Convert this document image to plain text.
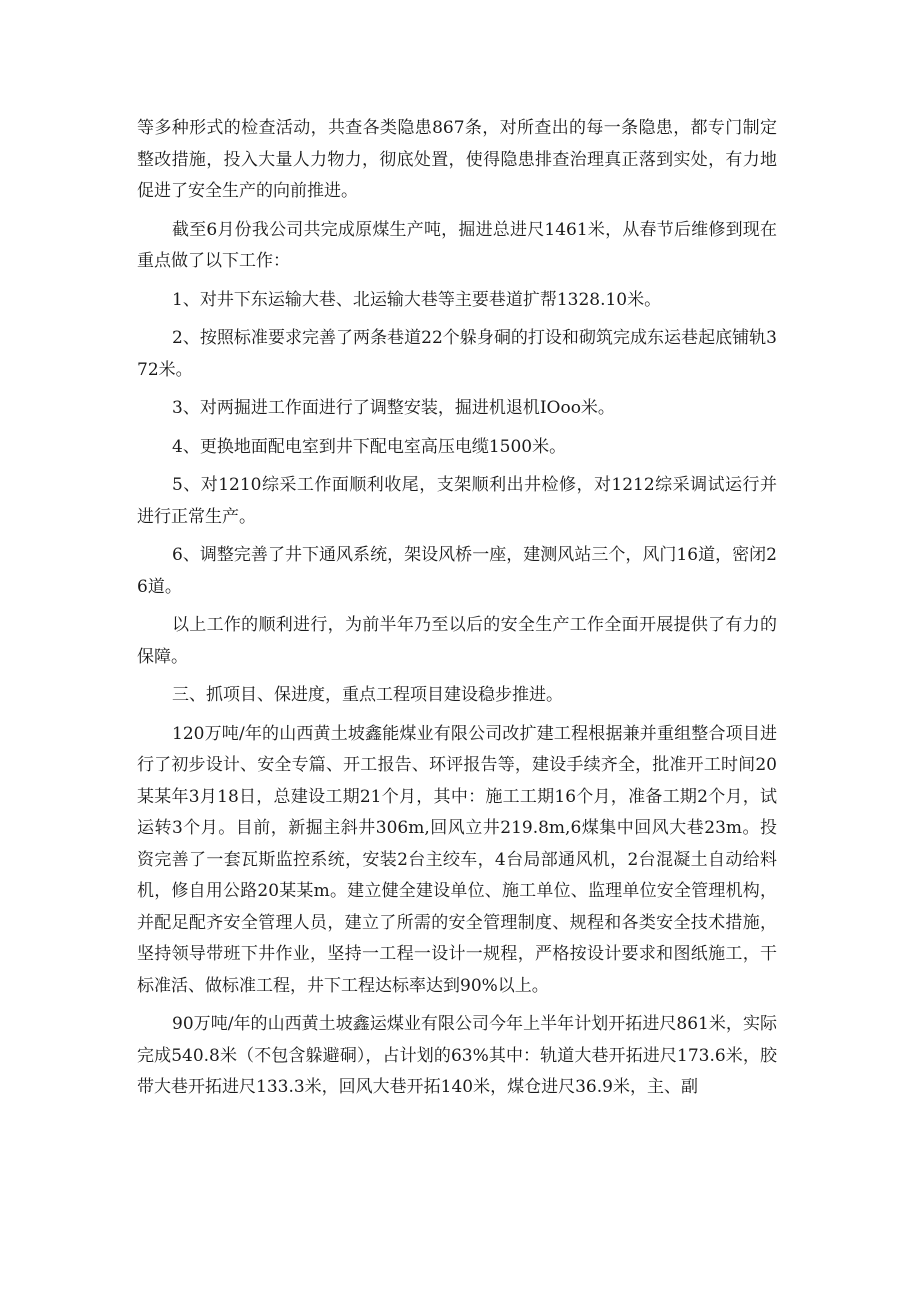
等多种形式的检查活动，共查各类隐患867条，对所查出的每一条隐患，都专门制定整改措施，投入大量人力物力，彻底处置，使得隐患排查治理真正落到实处，有力地促进了安全生产的向前推进。

截至6月份我公司共完成原煤生产吨，掘进总进尺1461米，从春节后维修到现在重点做了以下工作：

1、对井下东运输大巷、北运输大巷等主要巷道扩帮1328.10米。

2、按照标准要求完善了两条巷道22个躲身硐的打设和砌筑完成东运巷起底铺轨372米。

3、对两掘进工作面进行了调整安装，掘进机退机IOoo米。

4、更换地面配电室到井下配电室高压电缆1500米。

5、对1210综采工作面顺利收尾，支架顺利出井检修，对1212综采调试运行并进行正常生产。

6、调整完善了井下通风系统，架设风桥一座，建测风站三个，风门16道，密闭26道。

以上工作的顺利进行，为前半年乃至以后的安全生产工作全面开展提供了有力的保障。

三、抓项目、保进度，重点工程项目建设稳步推进。

120万吨/年的山西黄土坡鑫能煤业有限公司改扩建工程根据兼并重组整合项目进行了初步设计、安全专篇、开工报告、环评报告等，建设手续齐全，批准开工时间20某某年3月18日，总建设工期21个月，其中：施工工期16个月，准备工期2个月，试运转3个月。目前，新掘主斜井306m,回风立井219.8m,6煤集中回风大巷23m。投资完善了一套瓦斯监控系统，安装2台主绞车，4台局部通风机，2台混凝土自动给料机，修自用公路20某某m。建立健全建设单位、施工单位、监理单位安全管理机构，并配足配齐安全管理人员，建立了所需的安全管理制度、规程和各类安全技术措施，坚持领导带班下井作业，坚持一工程一设计一规程，严格按设计要求和图纸施工，干标准活、做标准工程，井下工程达标率达到90%以上。

90万吨/年的山西黄土坡鑫运煤业有限公司今年上半年计划开拓进尺861米，实际完成540.8米（不包含躲避硐），占计划的63%其中：轨道大巷开拓进尺173.6米，胶带大巷开拓进尺133.3米，回风大巷开拓140米，煤仓进尺36.9米，主、副
